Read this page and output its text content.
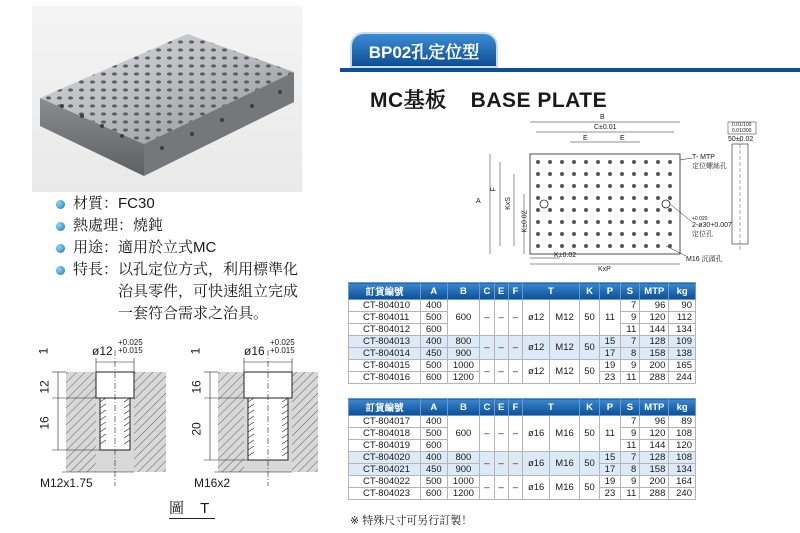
材質： FC30
熱處理： 燒鈍
用途： 適用於立式MC
特長： 以孔定位方式，利用標準化治具零件，可快速組立完成一套符合需求之治具。
1
12
16
ø12
+0.025
+0.015
M12x1.75
1
16
20
ø16
+0.025
+0.015
M16x2
圖 T
BP02孔定位型
MC基板 BASE PLATE
B
C±0.01
E	E
A
F
KxS
K±0.02
K±0.02
KxP
T- MTP
定位螺絲孔
+0.020
2-ø30+0.007
定位孔
M16 沉頭孔
0.01/100
0.01/300
50±0.02
訂貨編號	A	B	C	E	F	T		K	P	S	MTP	kg
CT-804010	400	600	–	–	–	ø12	M12	50	11	7	96	90
CT-804011	500									9	120	112
CT-804012	600									11	144	134
CT-804013	400	800	–	–	–	ø12	M12	50	15	7	128	109
CT-804014	450	900							17	8	158	138
CT-804015	500	1000	–	–	–	ø12	M12	50	19	9	200	165
CT-804016	600	1200							23	11	288	244
訂貨編號	A	B	C	E	F	T		K	P	S	MTP	kg
CT-804017	400	600	–	–	–	ø16	M16	50	11	7	96	89
CT-804018	500									9	120	108
CT-804019	600									11	144	120
CT-804020	400	800	–	–	–	ø16	M16	50	15	7	128	108
CT-804021	450	900							17	8	158	134
CT-804022	500	1000	–	–	–	ø16	M16	50	19	9	200	164
CT-804023	600	1200							23	11	288	240
※ 特殊尺寸可另行訂製！
